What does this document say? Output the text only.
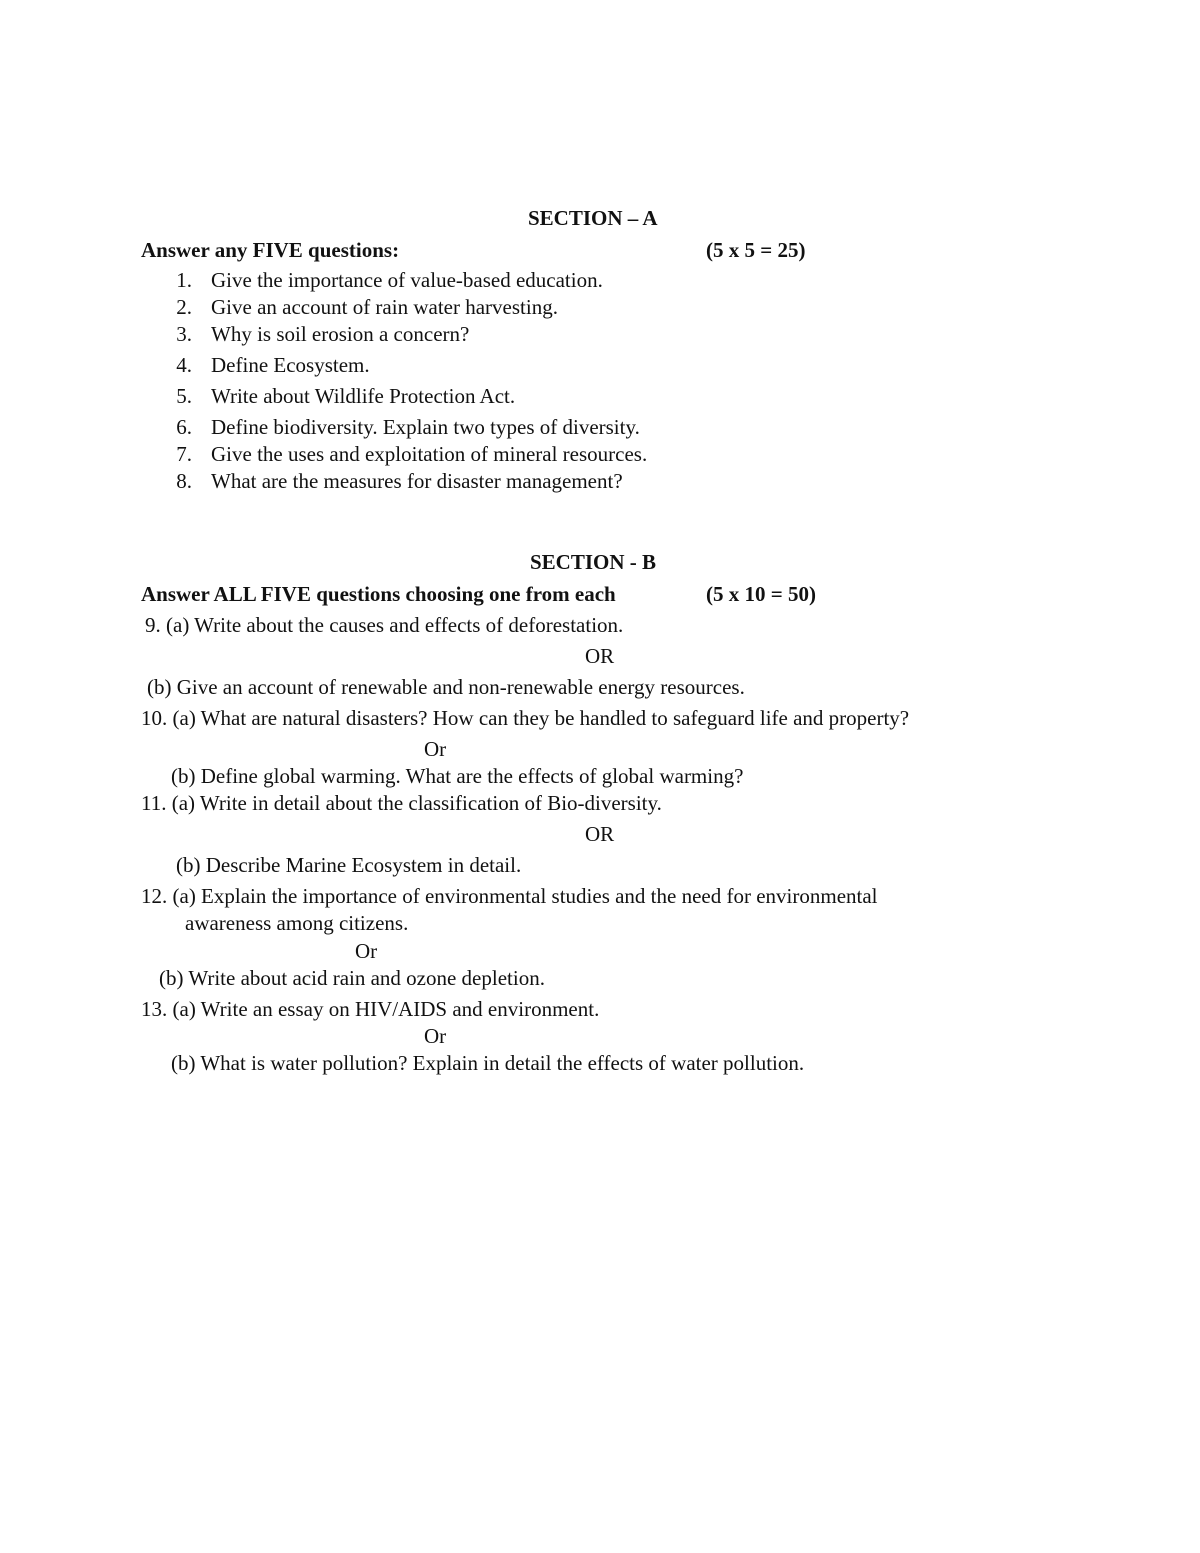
SECTION – A
Answer any FIVE questions:	(5 x 5 = 25)
1. Give the importance of value-based education.
2. Give an account of rain water harvesting.
3. Why is soil erosion a concern?
4. Define Ecosystem.
5. Write about Wildlife Protection Act.
6. Define biodiversity. Explain two types of diversity.
7. Give the uses and exploitation of mineral resources.
8. What are the measures for disaster management?
SECTION - B
Answer ALL FIVE questions choosing one from each	(5 x 10 = 50)
9. (a) Write about the causes and effects of deforestation.
OR
(b) Give an account of renewable and non-renewable energy resources.
10. (a) What are natural disasters? How can they be handled to safeguard life and property?
Or
(b) Define global warming. What are the effects of global warming?
11. (a) Write in detail about the classification of Bio-diversity.
OR
(b) Describe Marine Ecosystem in detail.
12. (a) Explain the importance of environmental studies and the need for environmental
awareness among citizens.
Or
(b) Write about acid rain and ozone depletion.
13. (a) Write an essay on HIV/AIDS and environment.
Or
(b) What is water pollution? Explain in detail the effects of water pollution.
